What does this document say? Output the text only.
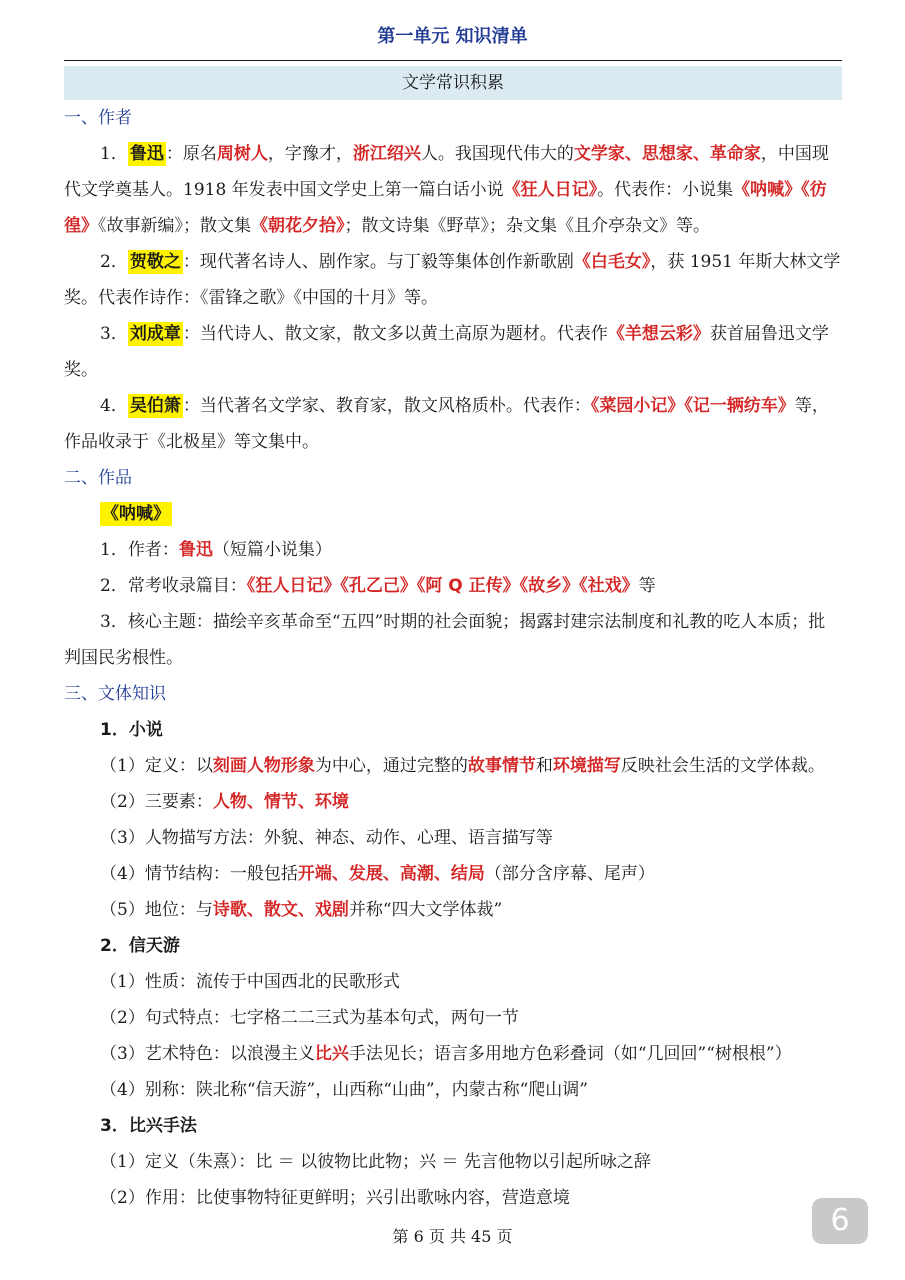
第一单元 知识清单
文学常识积累

一、作者

1． 鲁迅 ：原名周树人，字豫才，浙江绍兴人。我国现代伟大的文学家、思想家、革命家，中国现代文学奠基人。1918 年发表中国文学史上第一篇白话小说《狂人日记》。代表作：小说集《呐喊》《彷徨》《故事新编》；散文集《朝花夕拾》；散文诗集《野草》；杂文集《且介亭杂文》等。

2． 贺敬之 ：现代著名诗人、剧作家。与丁毅等集体创作新歌剧《白毛女》，获 1951 年斯大林文学奖。代表作诗作：《雷锋之歌》《中国的十月》等。

3． 刘成章 ：当代诗人、散文家，散文多以黄土高原为题材。代表作《羊想云彩》获首届鲁迅文学奖。

4． 吴伯箫 ：当代著名文学家、教育家，散文风格质朴。代表作：《菜园小记》《记一辆纺车》等，作品收录于《北极星》等文集中。

二、作品

《呐喊》

1．作者：鲁迅（短篇小说集）

2．常考收录篇目：《狂人日记》《孔乙己》《阿 Q 正传》《故乡》《社戏》等

3．核心主题：描绘辛亥革命至“五四”时期的社会面貌；揭露封建宗法制度和礼教的吃人本质；批判国民劣根性。

三、文体知识

1．小说

（1）定义：以刻画人物形象为中心，通过完整的故事情节和环境描写反映社会生活的文学体裁。

（2）三要素：人物、情节、环境

（3）人物描写方法：外貌、神态、动作、心理、语言描写等

（4）情节结构：一般包括开端、发展、高潮、结局（部分含序幕、尾声）

（5）地位：与诗歌、散文、戏剧并称“四大文学体裁”

2．信天游

（1）性质：流传于中国西北的民歌形式

（2）句式特点：七字格二二三式为基本句式，两句一节

（3）艺术特色：以浪漫主义比兴手法见长；语言多用地方色彩叠词（如“几回回”“树根根”）

（4）别称：陕北称“信天游”，山西称“山曲”，内蒙古称“爬山调”

3．比兴手法

（1）定义（朱熹）：比 ＝ 以彼物比此物；兴 ＝ 先言他物以引起所咏之辞

（2）作用：比使事物特征更鲜明；兴引出歌咏内容，营造意境

第 6 页 共 45 页	6
